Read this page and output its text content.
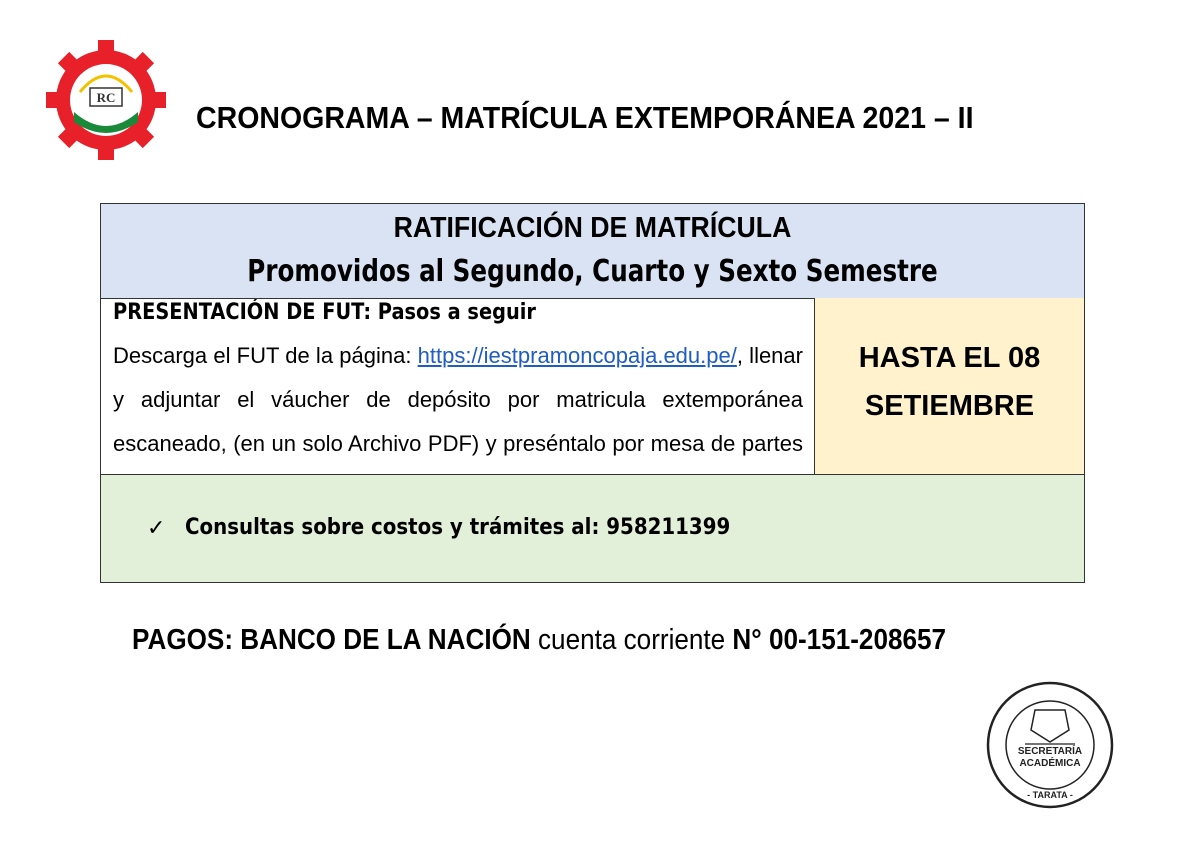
RC
CRONOGRAMA – MATRÍCULA EXTEMPORÁNEA 2021 – II
RATIFICACIÓN DE MATRÍCULA
Promovidos al Segundo, Cuarto y Sexto Semestre
PRESENTACIÓN DE FUT: Pasos a seguir
Descarga el FUT de la página: https://iestpramoncopaja.edu.pe/, llenar y adjuntar el váucher de depósito por matricula extemporánea escaneado, (en un solo Archivo PDF) y preséntalo por mesa de partes
HASTA EL 08
SETIEMBRE
✓ Consultas sobre costos y trámites al: 958211399
PAGOS: BANCO DE LA NACIÓN cuenta corriente N° 00-151-208657
SECRETARÍA
ACADÉMICA
- TARATA -
